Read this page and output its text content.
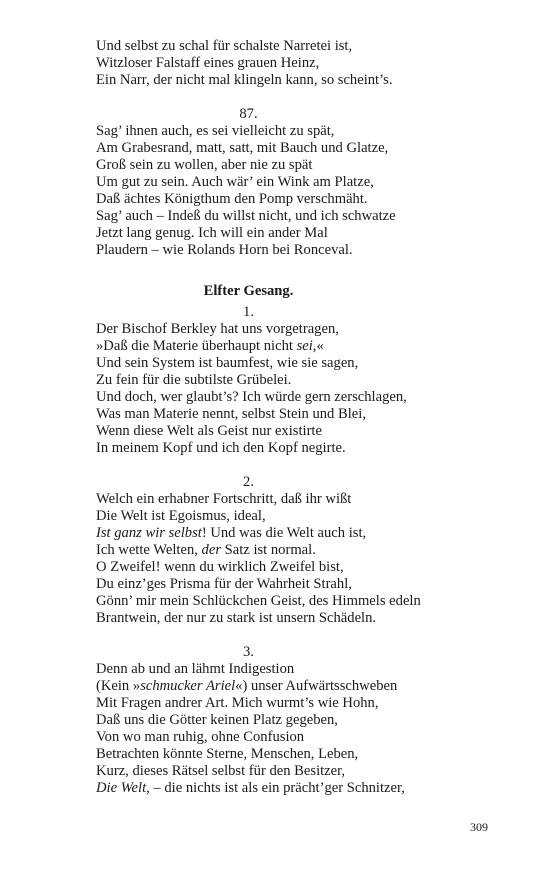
Und selbst zu schal für schalste Narretei ist,
Witzloser Falstaff eines grauen Heinz,
Ein Narr, der nicht mal klingeln kann, so scheint’s.
87.
Sag’ ihnen auch, es sei vielleicht zu spät,
Am Grabesrand, matt, satt, mit Bauch und Glatze,
Groß sein zu wollen, aber nie zu spät
Um gut zu sein. Auch wär’ ein Wink am Platze,
Daß ächtes Königthum den Pomp verschmäht.
Sag’ auch – Indeß du willst nicht, und ich schwatze
Jetzt lang genug. Ich will ein ander Mal
Plaudern – wie Rolands Horn bei Ronceval.
Elfter Gesang.
1.
Der Bischof Berkley hat uns vorgetragen,
»Daß die Materie überhaupt nicht sei,«
Und sein System ist baumfest, wie sie sagen,
Zu fein für die subtilste Grübelei.
Und doch, wer glaubt’s? Ich würde gern zerschlagen,
Was man Materie nennt, selbst Stein und Blei,
Wenn diese Welt als Geist nur existirte
In meinem Kopf und ich den Kopf negirte.
2.
Welch ein erhabner Fortschritt, daß ihr wißt
Die Welt ist Egoismus, ideal,
Ist ganz wir selbst! Und was die Welt auch ist,
Ich wette Welten, der Satz ist normal.
O Zweifel! wenn du wirklich Zweifel bist,
Du einz’ges Prisma für der Wahrheit Strahl,
Gönn’ mir mein Schlückchen Geist, des Himmels edeln
Brantwein, der nur zu stark ist unsern Schädeln.
3.
Denn ab und an lähmt Indigestion
(Kein »schmucker Ariel«) unser Aufwärtsschweben
Mit Fragen andrer Art. Mich wurmt’s wie Hohn,
Daß uns die Götter keinen Platz gegeben,
Von wo man ruhig, ohne Confusion
Betrachten könnte Sterne, Menschen, Leben,
Kurz, dieses Rätsel selbst für den Besitzer,
Die Welt, – die nichts ist als ein prächt’ger Schnitzer,
309
